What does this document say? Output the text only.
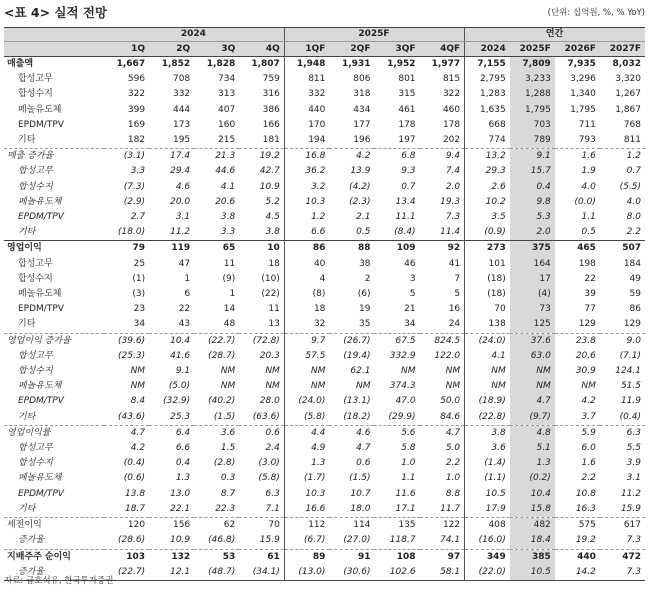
<표 4> 실적 전망	(단위: 십억원, %, % YoY)
	2024				2025F				연간			
	1Q	2Q	3Q	4Q	1QF	2QF	3QF	4QF	2024	2025F	2026F	2027F
매출액	1,667	1,852	1,828	1,807	1,948	1,931	1,952	1,977	7,155	7,809	7,935	8,032
합성고무	596	708	734	759	811	806	801	815	2,795	3,233	3,296	3,320
합성수지	322	332	313	316	332	318	315	322	1,283	1,288	1,340	1,267
페놀유도체	399	444	407	386	440	434	461	460	1,635	1,795	1,795	1,867
EPDM/TPV	169	173	160	166	170	177	178	178	668	703	711	768
기타	182	195	215	181	194	196	197	202	774	789	793	811
매출 증가율	(3.1)	17.4	21.3	19.2	16.8	4.2	6.8	9.4	13.2	9.1	1.6	1.2
합성고무	3.3	29.4	44.6	42.7	36.2	13.9	9.3	7.4	29.3	15.7	1.9	0.7
합성수지	(7.3)	4.6	4.1	10.9	3.2	(4.2)	0.7	2.0	2.6	0.4	4.0	(5.5)
페놀유도체	(2.9)	20.0	20.6	5.2	10.3	(2.3)	13.4	19.3	10.2	9.8	(0.0)	4.0
EPDM/TPV	2.7	3.1	3.8	4.5	1.2	2.1	11.1	7.3	3.5	5.3	1.1	8.0
기타	(18.0)	11.2	3.3	3.8	6.6	0.5	(8.4)	11.4	(0.9)	2.0	0.5	2.2
영업이익	79	119	65	10	86	88	109	92	273	375	465	507
합성고무	25	47	11	18	40	38	46	41	101	164	198	184
합성수지	(1)	1	(9)	(10)	4	2	3	7	(18)	17	22	49
페놀유도체	(3)	6	1	(22)	(8)	(6)	5	5	(18)	(4)	39	59
EPDM/TPV	23	22	14	11	18	19	21	16	70	73	77	86
기타	34	43	48	13	32	35	34	24	138	125	129	129
영업이익 증가율	(39.6)	10.4	(22.7)	(72.8)	9.7	(26.7)	67.5	824.5	(24.0)	37.6	23.8	9.0
합성고무	(25.3)	41.6	(28.7)	20.3	57.5	(19.4)	332.9	122.0	4.1	63.0	20.6	(7.1)
합성수지	NM	9.1	NM	NM	NM	62.1	NM	NM	NM	NM	30.9	124.1
페놀유도체	NM	(5.0)	NM	NM	NM	NM	374.3	NM	NM	NM	NM	51.5
EPDM/TPV	8.4	(32.9)	(40.2)	28.0	(24.0)	(13.1)	47.0	50.0	(18.9)	4.7	4.2	11.9
기타	(43.6)	25.3	(1.5)	(63.6)	(5.8)	(18.2)	(29.9)	84.6	(22.8)	(9.7)	3.7	(0.4)
영업이익률	4.7	6.4	3.6	0.6	4.4	4.6	5.6	4.7	3.8	4.8	5.9	6.3
합성고무	4.2	6.6	1.5	2.4	4.9	4.7	5.8	5.0	3.6	5.1	6.0	5.5
합성수지	(0.4)	0.4	(2.8)	(3.0)	1.3	0.6	1.0	2.2	(1.4)	1.3	1.6	3.9
페놀유도체	(0.6)	1.3	0.3	(5.8)	(1.7)	(1.5)	1.1	1.0	(1.1)	(0.2)	2.2	3.1
EPDM/TPV	13.8	13.0	8.7	6.3	10.3	10.7	11.6	8.8	10.5	10.4	10.8	11.2
기타	18.7	22.1	22.3	7.1	16.6	18.0	17.1	11.7	17.9	15.8	16.3	15.9
세전이익	120	156	62	70	112	114	135	122	408	482	575	617
증가율	(28.6)	10.9	(46.8)	15.9	(6.7)	(27.0)	118.7	74.1	(16.0)	18.4	19.2	7.3
지배주주 순이익	103	132	53	61	89	91	108	97	349	385	440	472
증가율	(22.7)	12.1	(48.7)	(34.1)	(13.0)	(30.6)	102.6	58.1	(22.0)	10.5	14.2	7.3
자료: 금호석유, 한국투자증권
